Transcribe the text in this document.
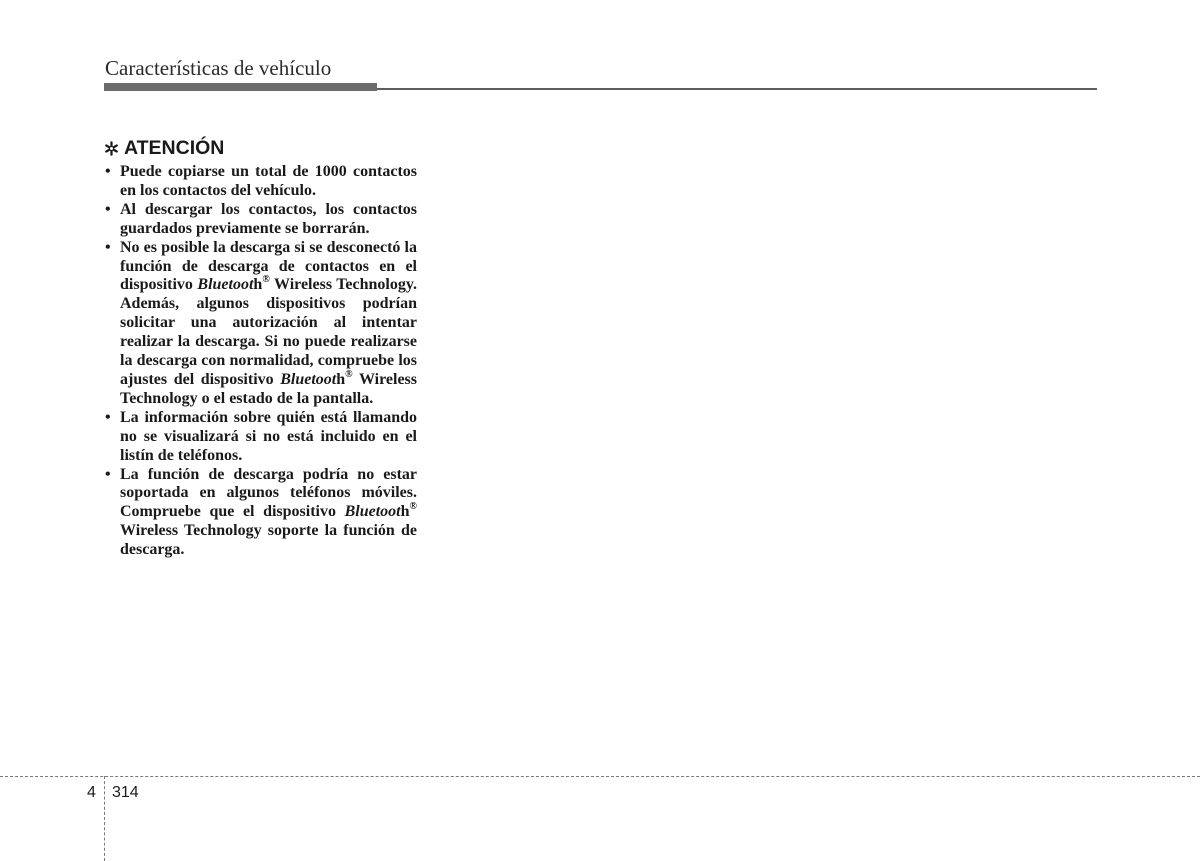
Características de vehículo
ATENCIÓN
• Puede copiarse un total de 1000 contactos en los contactos del vehículo.
• Al descargar los contactos, los contactos guardados previamente se borrarán.
• No es posible la descarga si se desconectó la función de descarga de contactos en el dispositivo Bluetooth® Wireless Technology. Además, algunos dispositivos podrían solicitar una autorización al intentar realizar la descarga. Si no puede realizarse la descarga con normalidad, compruebe los ajustes del dispositivo Bluetooth® Wireless Technology o el estado de la pantalla.
• La información sobre quién está llamando no se visualizará si no está incluido en el listín de teléfonos.
• La función de descarga podría no estar soportada en algunos teléfonos móviles. Compruebe que el dispositivo Bluetooth® Wireless Technology soporte la función de descarga.
4 314
